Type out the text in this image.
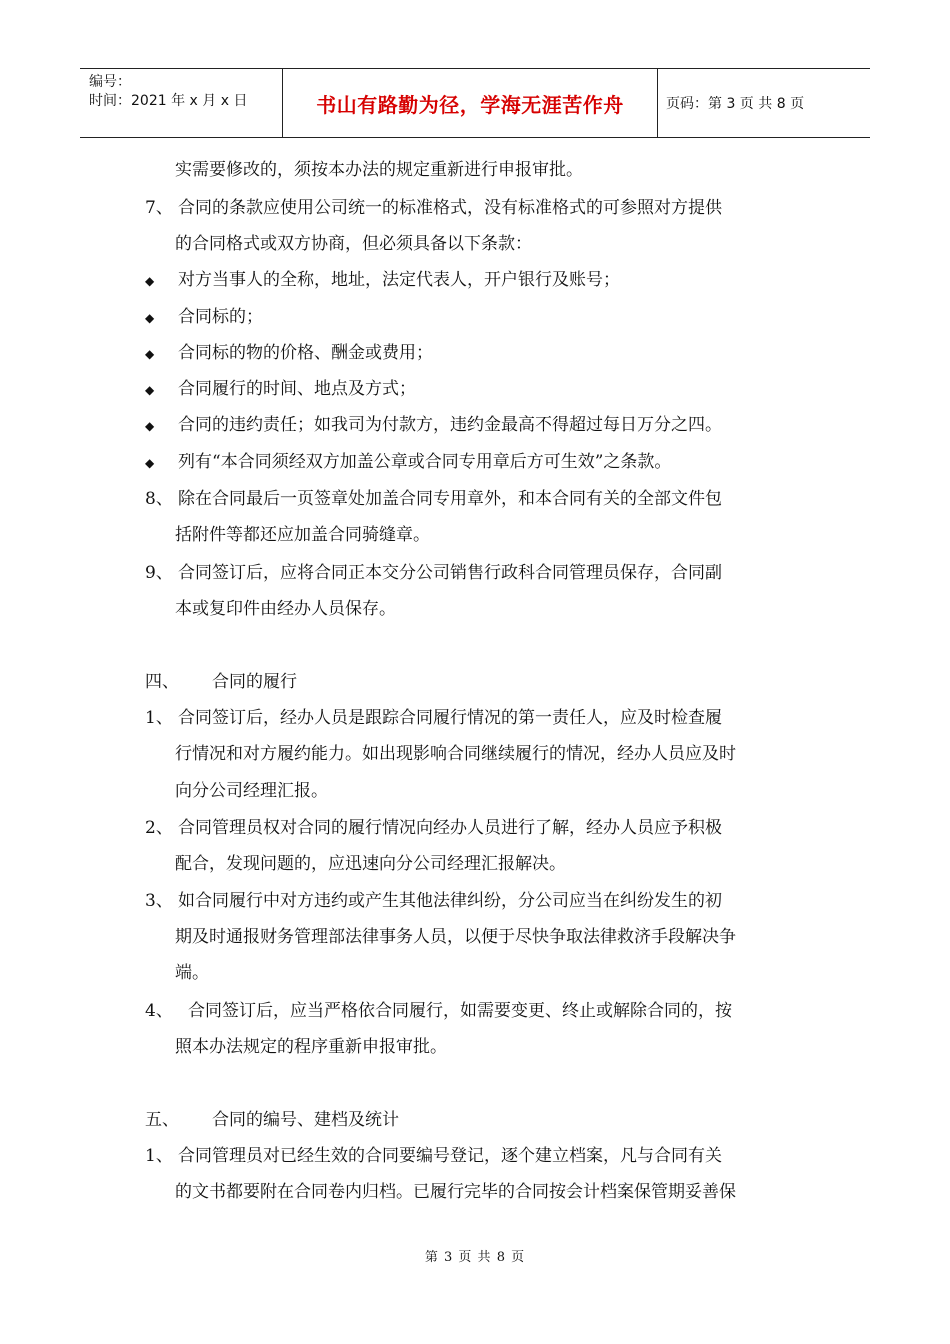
编号：
时间：2021 年 x 月 x 日	书山有路勤为径，学海无涯苦作舟	页码：第 3 页 共 8 页
实需要修改的，须按本办法的规定重新进行申报审批。
7、 合同的条款应使用公司统一的标准格式，没有标准格式的可参照对方提供
的合同格式或双方协商，但必须具备以下条款：
◆ 对方当事人的全称，地址，法定代表人，开户银行及账号；
◆ 合同标的；
◆ 合同标的物的价格、酬金或费用；
◆ 合同履行的时间、地点及方式；
◆ 合同的违约责任；如我司为付款方，违约金最高不得超过每日万分之四。
◆ 列有“本合同须经双方加盖公章或合同专用章后方可生效”之条款。
8、 除在合同最后一页签章处加盖合同专用章外，和本合同有关的全部文件包
括附件等都还应加盖合同骑缝章。
9、 合同签订后，应将合同正本交分公司销售行政科合同管理员保存，合同副
本或复印件由经办人员保存。
四、 合同的履行
1、 合同签订后，经办人员是跟踪合同履行情况的第一责任人，应及时检查履
行情况和对方履约能力。如出现影响合同继续履行的情况，经办人员应及时
向分公司经理汇报。
2、 合同管理员权对合同的履行情况向经办人员进行了解，经办人员应予积极
配合，发现问题的，应迅速向分公司经理汇报解决。
3、 如合同履行中对方违约或产生其他法律纠纷，分公司应当在纠纷发生的初
期及时通报财务管理部法律事务人员，以便于尽快争取法律救济手段解决争
端。
4、 合同签订后，应当严格依合同履行，如需要变更、终止或解除合同的，按
照本办法规定的程序重新申报审批。
五、 合同的编号、建档及统计
1、 合同管理员对已经生效的合同要编号登记，逐个建立档案，凡与合同有关
的文书都要附在合同卷内归档。已履行完毕的合同按会计档案保管期妥善保
第 3 页 共 8 页
